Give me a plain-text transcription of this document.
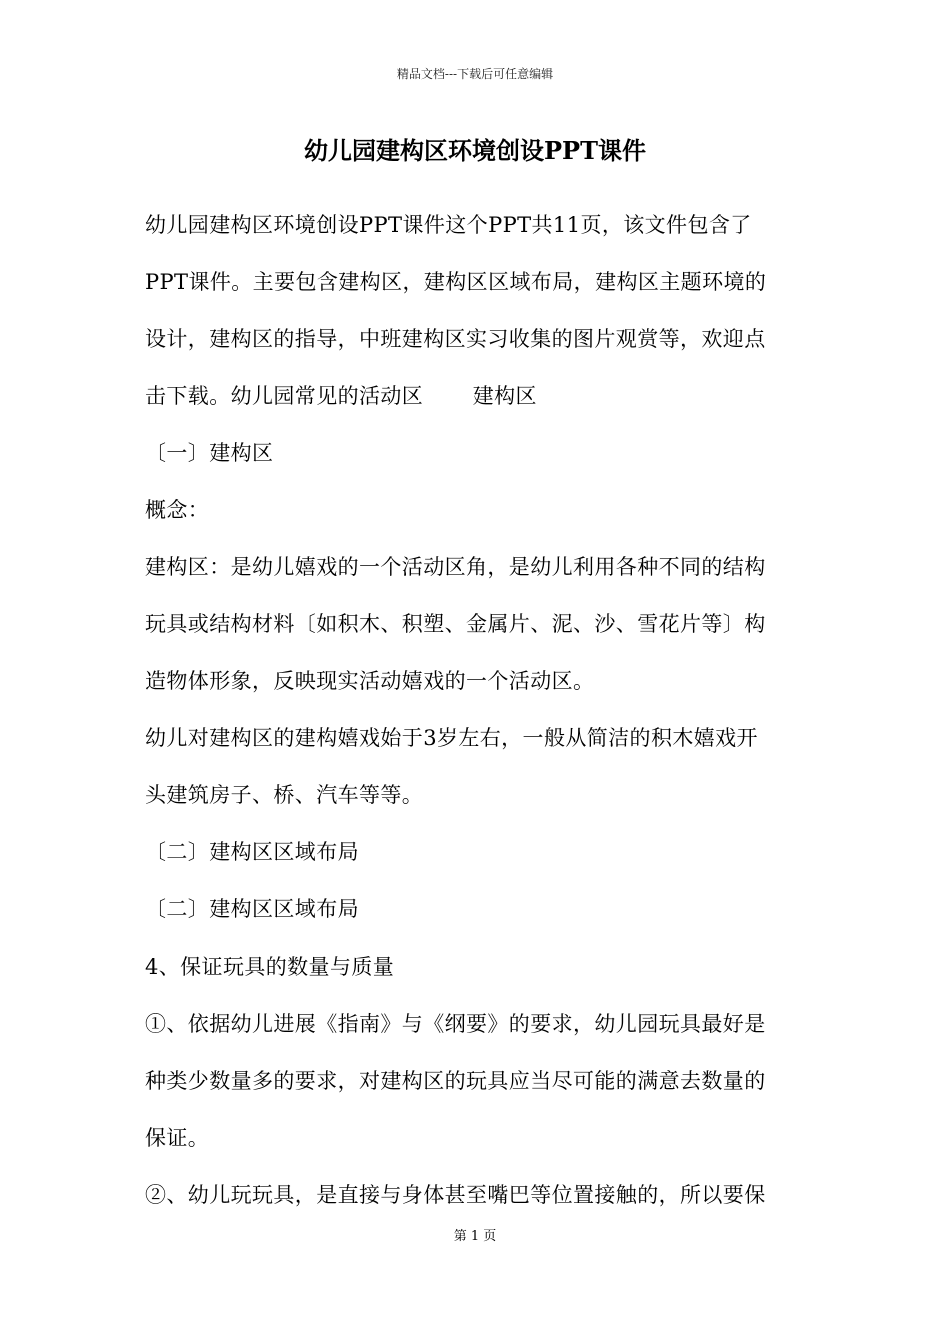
精品文档---下载后可任意编辑
幼儿园建构区环境创设PPT课件
幼儿园建构区环境创设PPT课件这个PPT共11页，该文件包含了
PPT课件。主要包含建构区，建构区区域布局，建构区主题环境的
设计，建构区的指导，中班建构区实习收集的图片观赏等，欢迎点
击下载。幼儿园常见的活动区       建构区
〔一〕建构区
概念：
建构区：是幼儿嬉戏的一个活动区角，是幼儿利用各种不同的结构
玩具或结构材料〔如积木、积塑、金属片、泥、沙、雪花片等〕构
造物体形象，反映现实活动嬉戏的一个活动区。
幼儿对建构区的建构嬉戏始于3岁左右，一般从简洁的积木嬉戏开
头建筑房子、桥、汽车等等。
〔二〕建构区区域布局
〔二〕建构区区域布局
4、保证玩具的数量与质量
①、依据幼儿进展《指南》与《纲要》的要求，幼儿园玩具最好是
种类少数量多的要求，对建构区的玩具应当尽可能的满意去数量的
保证。
②、幼儿玩玩具，是直接与身体甚至嘴巴等位置接触的，所以要保
第 1 页
